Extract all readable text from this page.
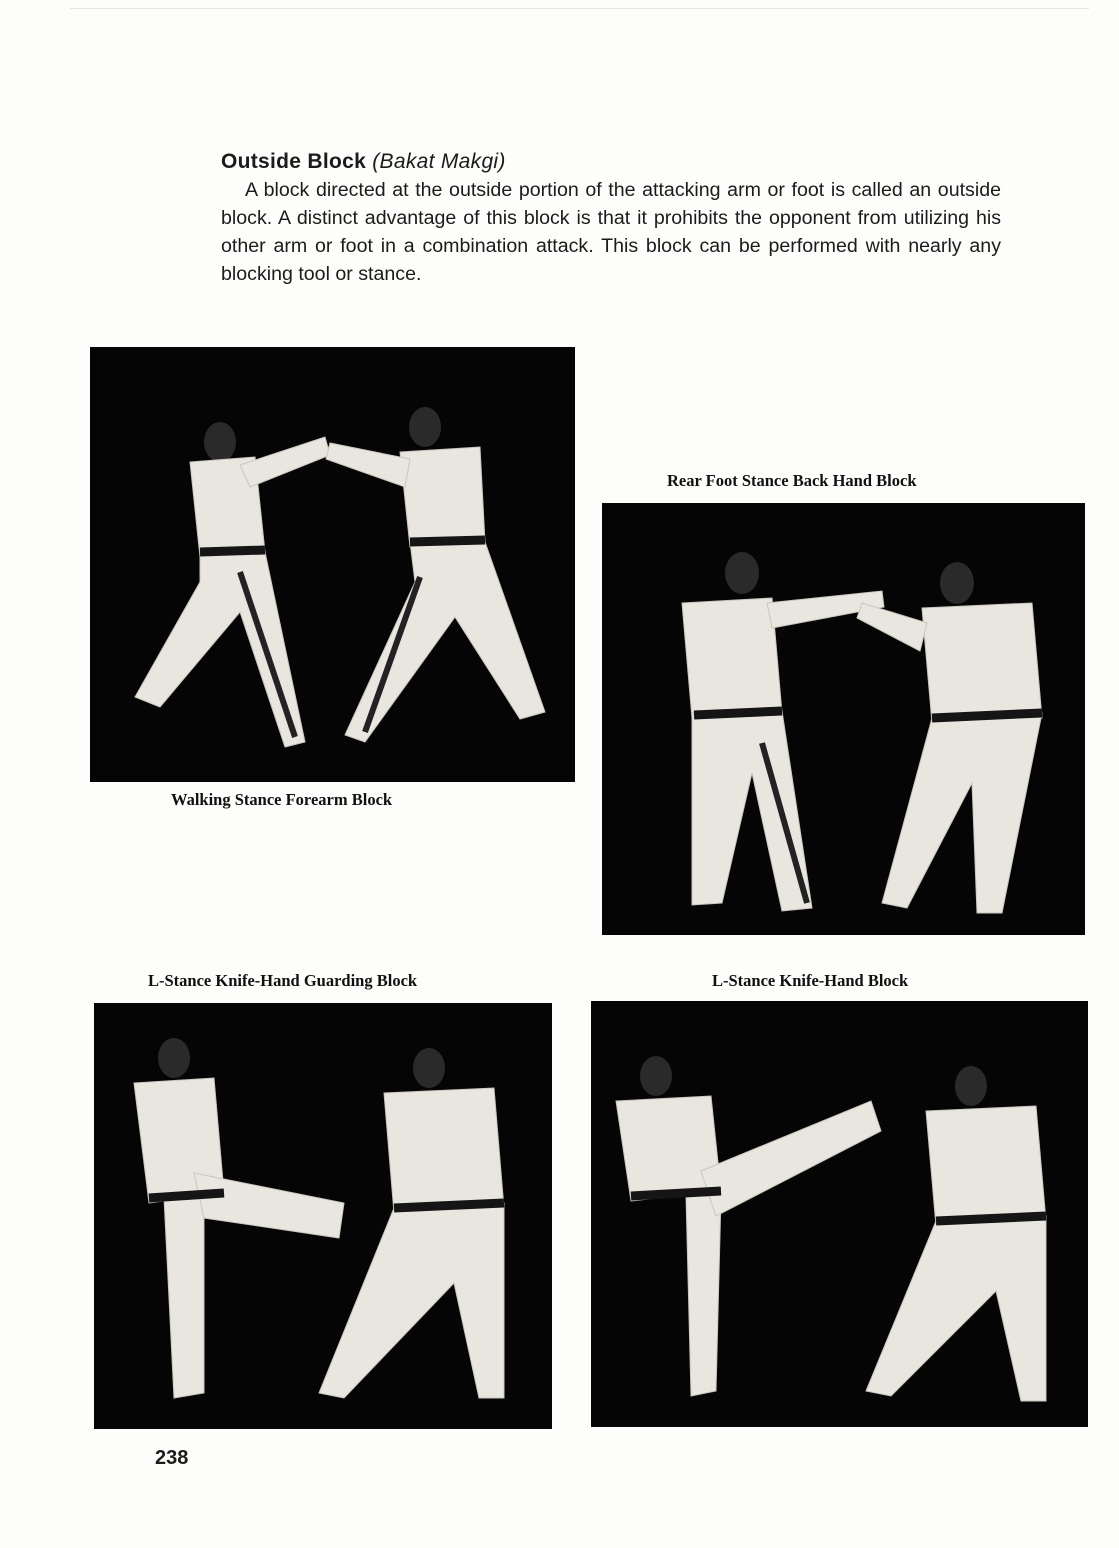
Outside Block (Bakat Makgi)

A block directed at the outside portion of the attacking arm or foot is called an outside block. A distinct advantage of this block is that it prohibits the opponent from utilizing his other arm or foot in a combination attack. This block can be performed with nearly any blocking tool or stance.

Walking Stance Forearm Block
Rear Foot Stance Back Hand Block
L-Stance Knife-Hand Guarding Block	L-Stance Knife-Hand Block
238
